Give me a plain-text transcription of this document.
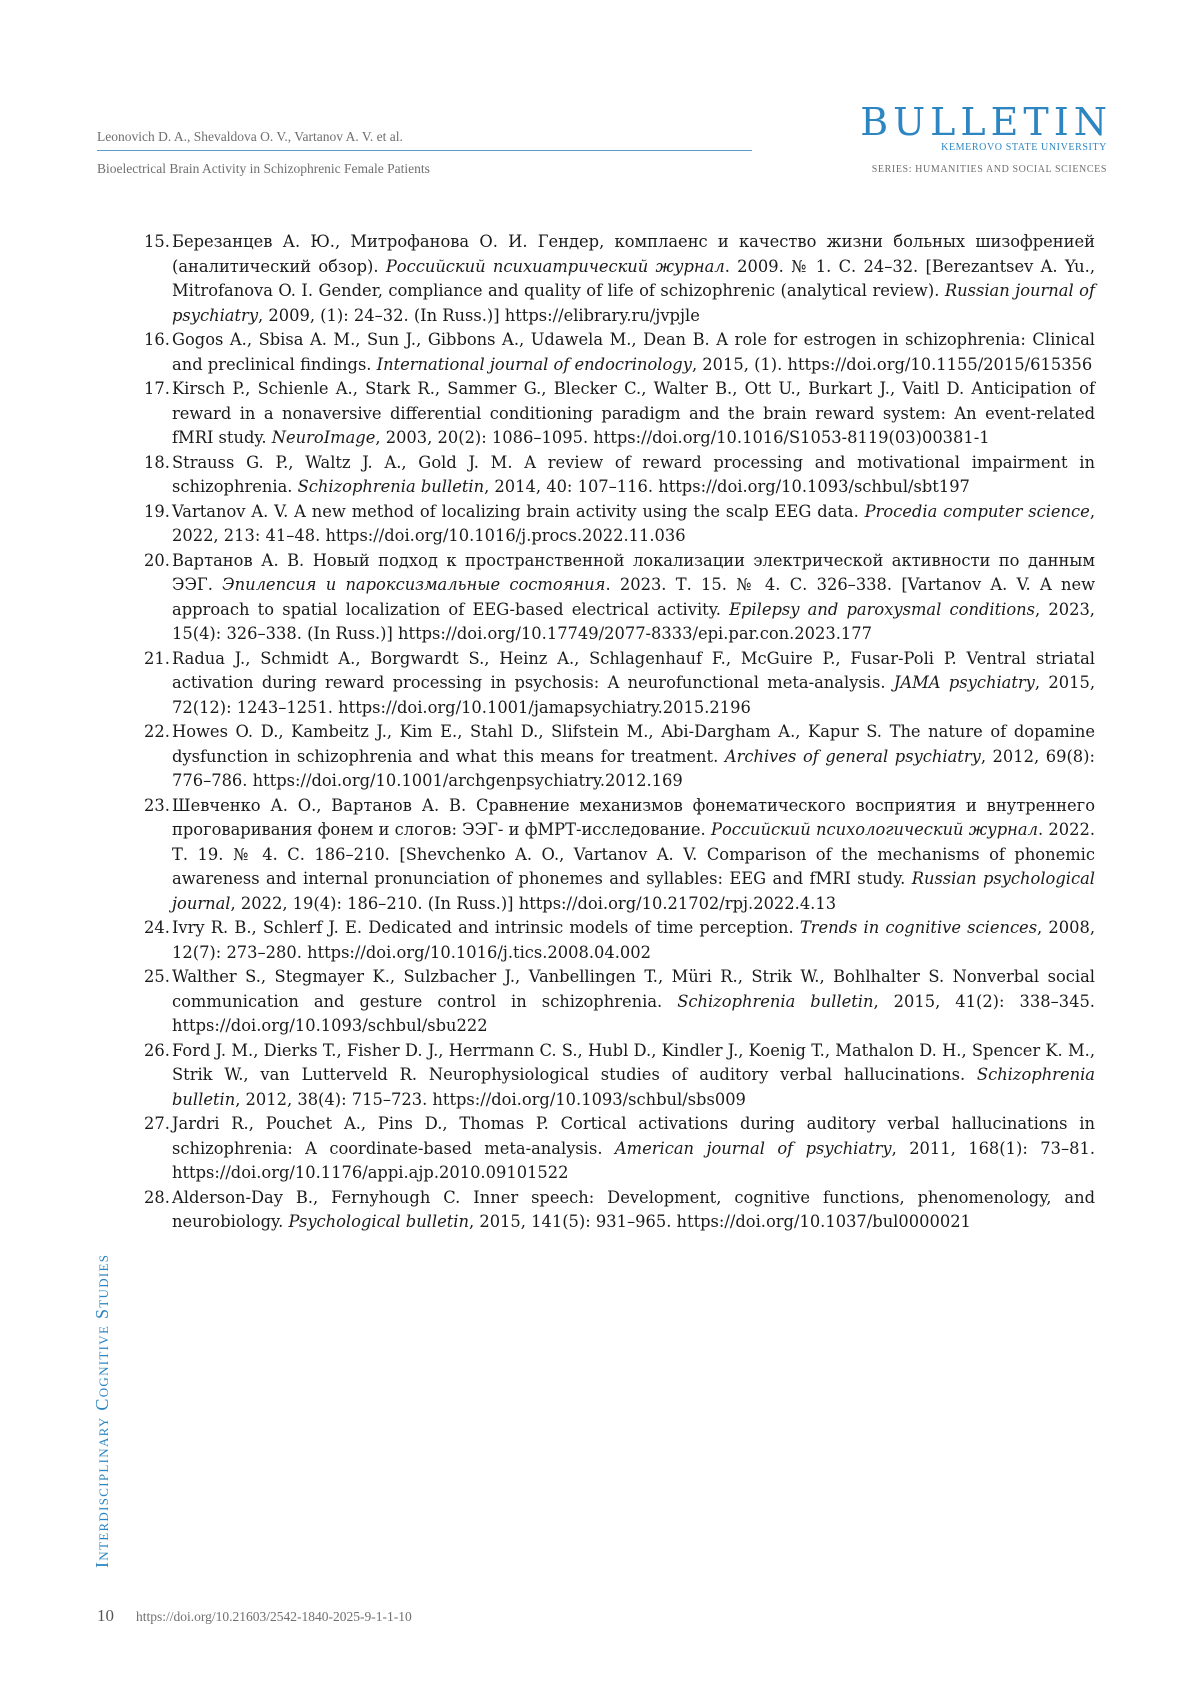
Leonovich D. A., Shevaldova O. V., Vartanov A. V. et al.
Bioelectrical Brain Activity in Schizophrenic Female Patients
BULLETIN
KEMEROVO STATE UNIVERSITY
SERIES: HUMANITIES AND SOCIAL SCIENCES
15. Березанцев А. Ю., Митрофанова О. И. Гендер, комплаенс и качество жизни больных шизофренией (аналитический обзор). Российский психиатрический журнал. 2009. № 1. С. 24–32. [Berezantsev A. Yu., Mitrofanova O. I. Gender, compliance and quality of life of schizophrenic (analytical review). Russian journal of psychiatry, 2009, (1): 24–32. (In Russ.)] https://elibrary.ru/jvpjle
16. Gogos A., Sbisa A. M., Sun J., Gibbons A., Udawela M., Dean B. A role for estrogen in schizophrenia: Clinical and preclinical findings. International journal of endocrinology, 2015, (1). https://doi.org/10.1155/2015/615356
17. Kirsch P., Schienle A., Stark R., Sammer G., Blecker C., Walter B., Ott U., Burkart J., Vaitl D. Anticipation of reward in a nonaversive differential conditioning paradigm and the brain reward system: An event-related fMRI study. NeuroImage, 2003, 20(2): 1086–1095. https://doi.org/10.1016/S1053-8119(03)00381-1
18. Strauss G. P., Waltz J. A., Gold J. M. A review of reward processing and motivational impairment in schizophrenia. Schizophrenia bulletin, 2014, 40: 107–116. https://doi.org/10.1093/schbul/sbt197
19. Vartanov A. V. A new method of localizing brain activity using the scalp EEG data. Procedia computer science, 2022, 213: 41–48. https://doi.org/10.1016/j.procs.2022.11.036
20. Вартанов А. В. Новый подход к пространственной локализации электрической активности по данным ЭЭГ. Эпилепсия и пароксизмальные состояния. 2023. Т. 15. № 4. С. 326–338. [Vartanov A. V. A new approach to spatial localization of EEG-based electrical activity. Epilepsy and paroxysmal conditions, 2023, 15(4): 326–338. (In Russ.)] https://doi.org/10.17749/2077-8333/epi.par.con.2023.177
21. Radua J., Schmidt A., Borgwardt S., Heinz A., Schlagenhauf F., McGuire P., Fusar-Poli P. Ventral striatal activation during reward processing in psychosis: A neurofunctional meta-analysis. JAMA psychiatry, 2015, 72(12): 1243–1251. https://doi.org/10.1001/jamapsychiatry.2015.2196
22. Howes O. D., Kambeitz J., Kim E., Stahl D., Slifstein M., Abi-Dargham A., Kapur S. The nature of dopamine dysfunction in schizophrenia and what this means for treatment. Archives of general psychiatry, 2012, 69(8): 776–786. https://doi.org/10.1001/archgenpsychiatry.2012.169
23. Шевченко А. О., Вартанов А. В. Сравнение механизмов фонематического восприятия и внутреннего проговаривания фонем и слогов: ЭЭГ- и фМРТ-исследование. Российский психологический журнал. 2022. Т. 19. № 4. С. 186–210. [Shevchenko A. O., Vartanov A. V. Comparison of the mechanisms of phonemic awareness and internal pronunciation of phonemes and syllables: EEG and fMRI study. Russian psychological journal, 2022, 19(4): 186–210. (In Russ.)] https://doi.org/10.21702/rpj.2022.4.13
24. Ivry R. B., Schlerf J. E. Dedicated and intrinsic models of time perception. Trends in cognitive sciences, 2008, 12(7): 273–280. https://doi.org/10.1016/j.tics.2008.04.002
25. Walther S., Stegmayer K., Sulzbacher J., Vanbellingen T., Müri R., Strik W., Bohlhalter S. Nonverbal social communication and gesture control in schizophrenia. Schizophrenia bulletin, 2015, 41(2): 338–345. https://doi.org/10.1093/schbul/sbu222
26. Ford J. M., Dierks T., Fisher D. J., Herrmann C. S., Hubl D., Kindler J., Koenig T., Mathalon D. H., Spencer K. M., Strik W., van Lutterveld R. Neurophysiological studies of auditory verbal hallucinations. Schizophrenia bulletin, 2012, 38(4): 715–723. https://doi.org/10.1093/schbul/sbs009
27. Jardri R., Pouchet A., Pins D., Thomas P. Cortical activations during auditory verbal hallucinations in schizophrenia: A coordinate-based meta-analysis. American journal of psychiatry, 2011, 168(1): 73–81. https://doi.org/10.1176/appi.ajp.2010.09101522
28. Alderson-Day B., Fernyhough C. Inner speech: Development, cognitive functions, phenomenology, and neurobiology. Psychological bulletin, 2015, 141(5): 931–965. https://doi.org/10.1037/bul0000021
Interdisciplinary Cognitive Studies
10 https://doi.org/10.21603/2542-1840-2025-9-1-1-10
